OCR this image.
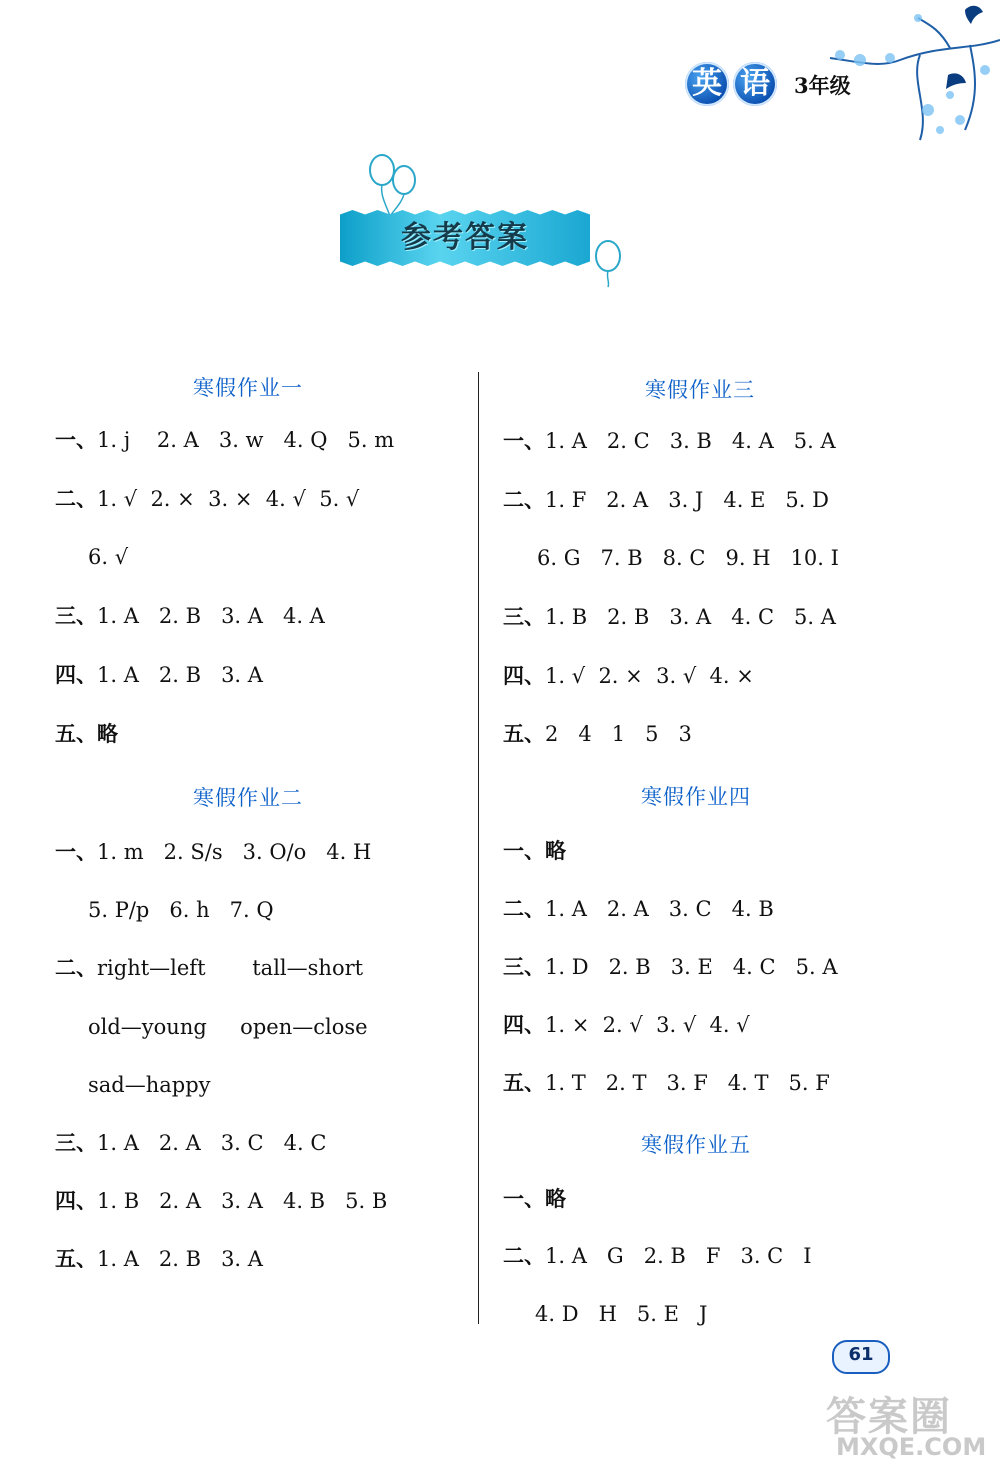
英 语	3年级
参考答案
寒假作业一
一、1. j    2. A   3. w   4. Q   5. m
二、1. √  2. ×  3. ×  4. √  5. √
6. √
三、1. A   2. B   3. A   4. A
四、1. A   2. B   3. A
五、略
寒假作业二
一、1. m   2. S/s   3. O/o   4. H
5. P/p   6. h   7. Q
二、right—left       tall—short
old—young     open—close
sad—happy
三、1. A   2. A   3. C   4. C
四、1. B   2. A   3. A   4. B   5. B
五、1. A   2. B   3. A
寒假作业三
一、1. A   2. C   3. B   4. A   5. A
二、1. F   2. A   3. J   4. E   5. D
6. G   7. B   8. C   9. H   10. I
三、1. B   2. B   3. A   4. C   5. A
四、1. √  2. ×  3. √  4. ×
五、2   4   1   5   3
寒假作业四
一、略
二、1. A   2. A   3. C   4. B
三、1. D   2. B   3. E   4. C   5. A
四、1. ×  2. √  3. √  4. √
五、1. T   2. T   3. F   4. T   5. F
寒假作业五
一、略
二、1. A   G   2. B   F   3. C   I
4. D   H   5. E   J
61
答案圈
MXQE.COM
